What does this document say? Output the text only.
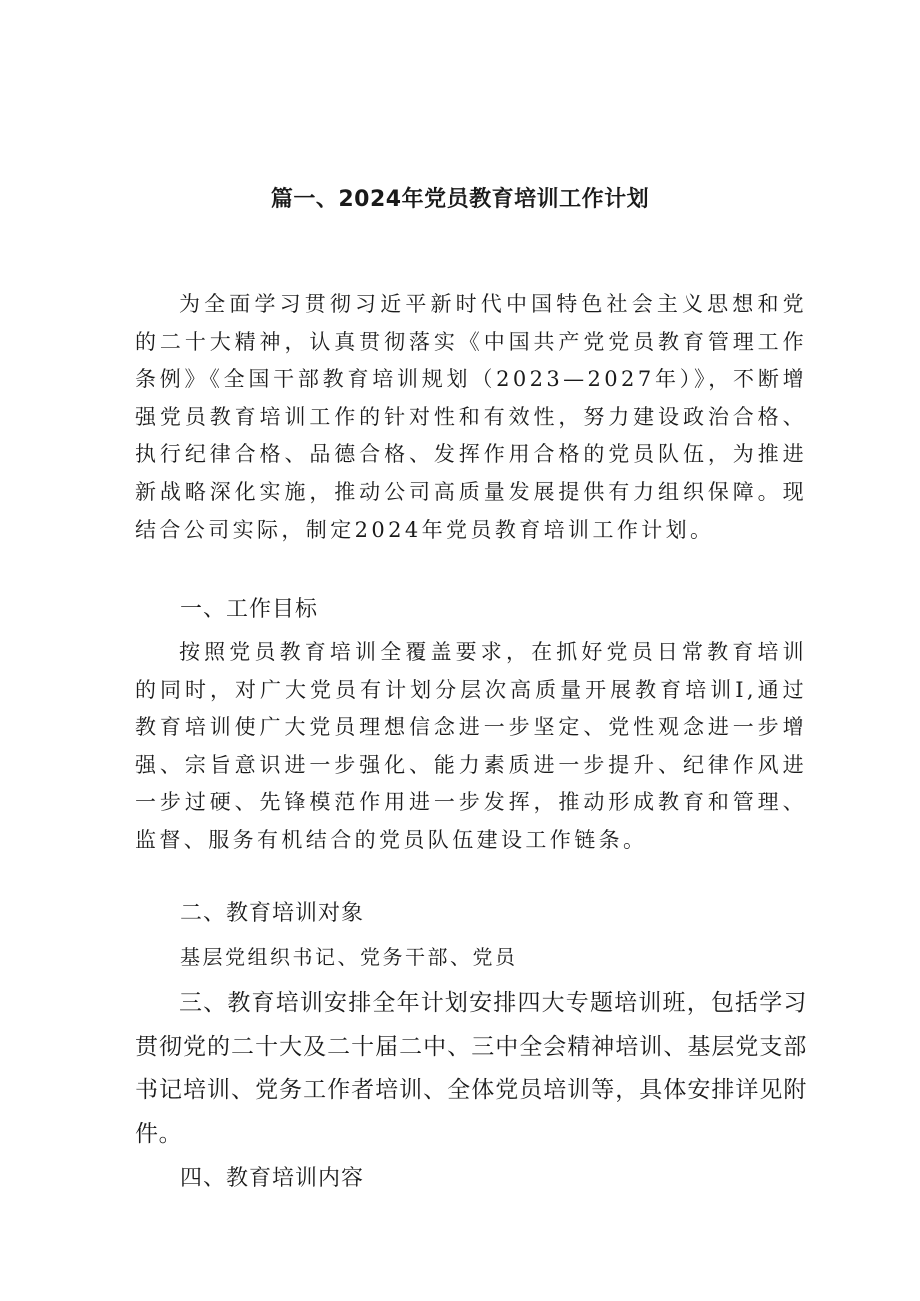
篇一、2024年党员教育培训工作计划

为全面学习贯彻习近平新时代中国特色社会主义思想和党的二十大精神，认真贯彻落实《中国共产党党员教育管理工作条例》《全国干部教育培训规划（2023—2027年）》，不断增强党员教育培训工作的针对性和有效性，努力建设政治合格、执行纪律合格、品德合格、发挥作用合格的党员队伍，为推进新战略深化实施，推动公司高质量发展提供有力组织保障。现结合公司实际，制定2024年党员教育培训工作计划。

一、工作目标

按照党员教育培训全覆盖要求，在抓好党员日常教育培训的同时，对广大党员有计划分层次高质量开展教育培训I,通过教育培训使广大党员理想信念进一步坚定、党性观念进一步增强、宗旨意识进一步强化、能力素质进一步提升、纪律作风进一步过硬、先锋模范作用进一步发挥，推动形成教育和管理、监督、服务有机结合的党员队伍建设工作链条。

二、教育培训对象
基层党组织书记、党务干部、党员

三、教育培训安排全年计划安排四大专题培训班，包括学习贯彻党的二十大及二十届二中、三中全会精神培训、基层党支部书记培训、党务工作者培训、全体党员培训等，具体安排详见附件。

四、教育培训内容
